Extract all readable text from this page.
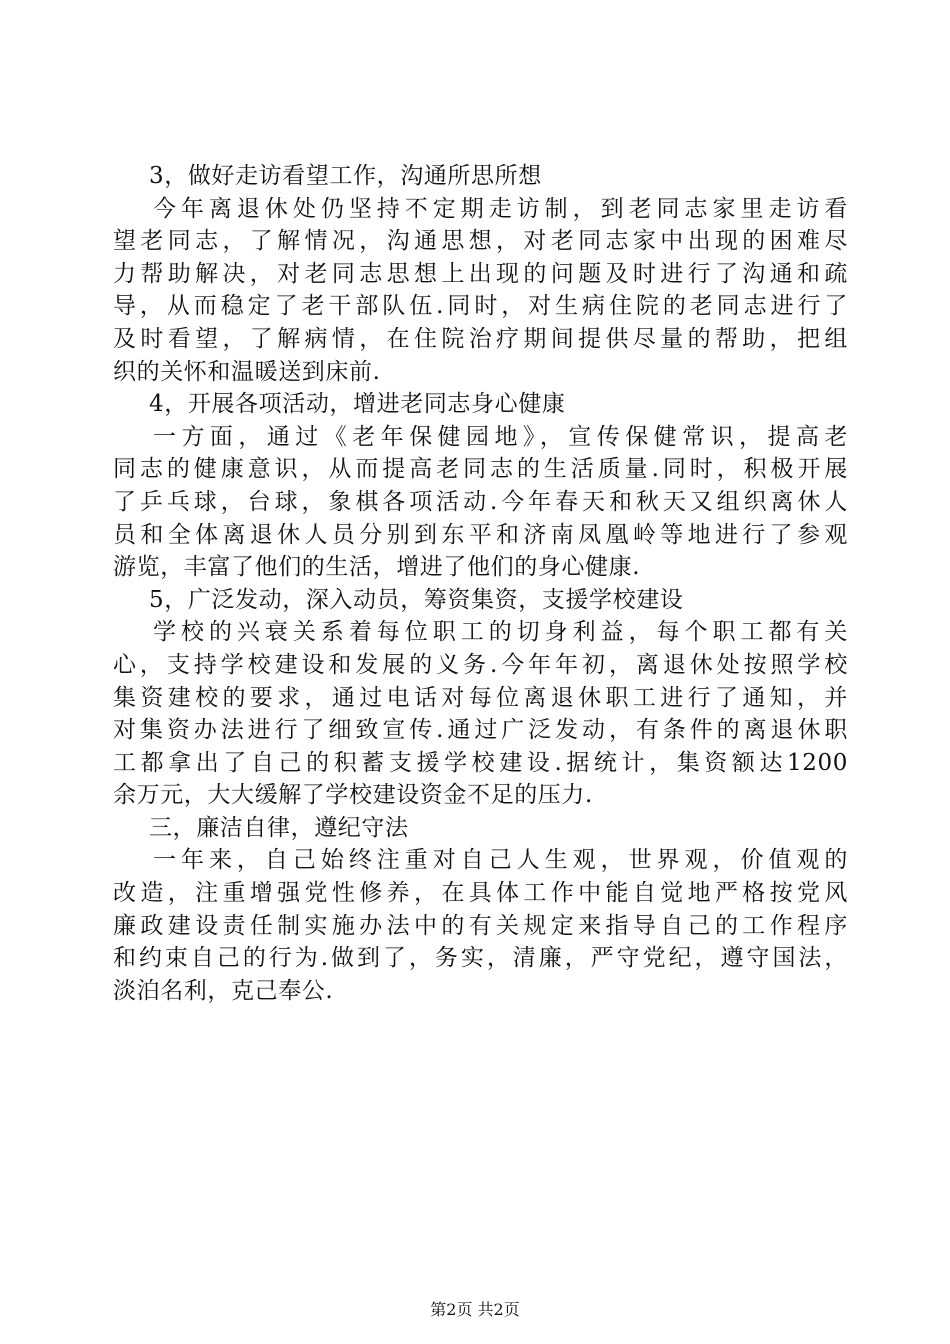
3，做好走访看望工作，沟通所思所想
今年离退休处仍坚持不定期走访制，到老同志家里走访看
望老同志，了解情况，沟通思想，对老同志家中出现的困难尽
力帮助解决，对老同志思想上出现的问题及时进行了沟通和疏
导，从而稳定了老干部队伍.同时，对生病住院的老同志进行了
及时看望，了解病情，在住院治疗期间提供尽量的帮助，把组
织的关怀和温暖送到床前.
4，开展各项活动，增进老同志身心健康
一方面，通过《老年保健园地》，宣传保健常识，提高老
同志的健康意识，从而提高老同志的生活质量.同时，积极开展
了乒乓球，台球，象棋各项活动.今年春天和秋天又组织离休人
员和全体离退休人员分别到东平和济南凤凰岭等地进行了参观
游览，丰富了他们的生活，增进了他们的身心健康.
5，广泛发动，深入动员，筹资集资，支援学校建设
学校的兴衰关系着每位职工的切身利益，每个职工都有关
心，支持学校建设和发展的义务.今年年初，离退休处按照学校
集资建校的要求，通过电话对每位离退休职工进行了通知，并
对集资办法进行了细致宣传.通过广泛发动，有条件的离退休职
工都拿出了自己的积蓄支援学校建设.据统计，集资额达1200
余万元，大大缓解了学校建设资金不足的压力.
三，廉洁自律，遵纪守法
一年来，自己始终注重对自己人生观，世界观，价值观的
改造，注重增强党性修养，在具体工作中能自觉地严格按党风
廉政建设责任制实施办法中的有关规定来指导自己的工作程序
和约束自己的行为.做到了，务实，清廉，严守党纪，遵守国法，
淡泊名利，克己奉公.
第2页 共2页
